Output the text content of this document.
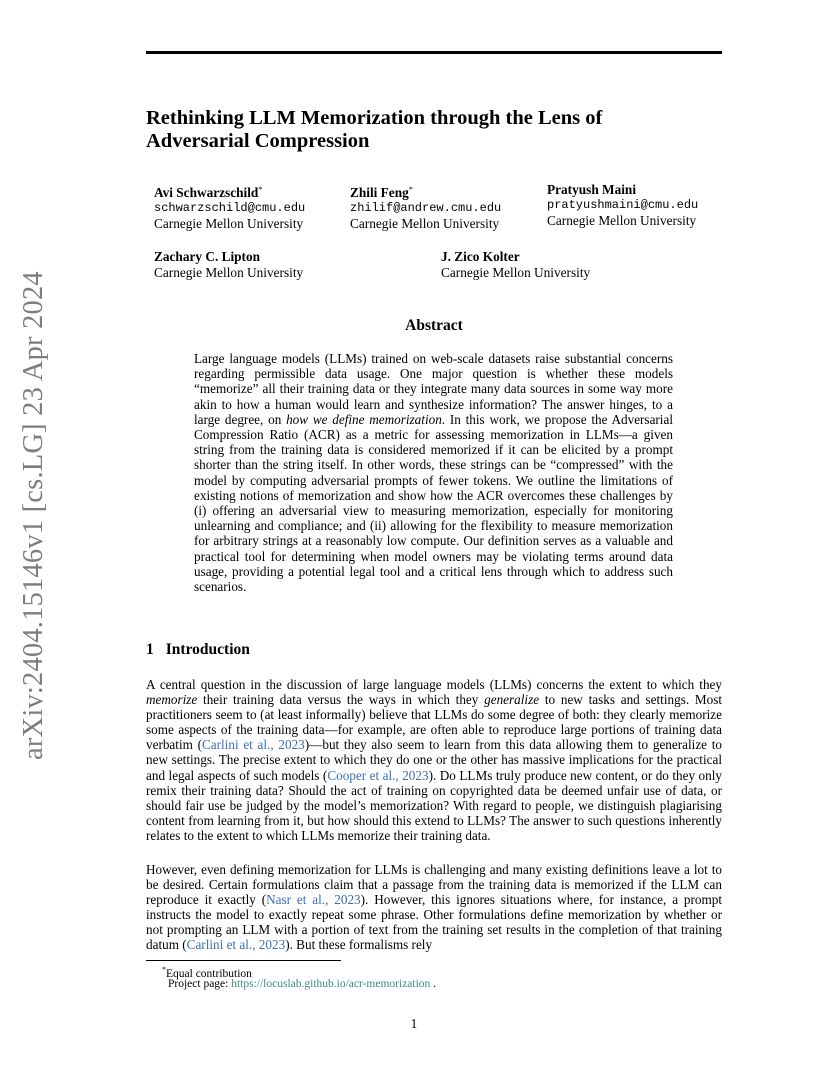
arXiv:2404.15146v1 [cs.LG] 23 Apr 2024
Rethinking LLM Memorization through the Lens of Adversarial Compression
Avi Schwarzschild*
schwarzschild@cmu.edu
Carnegie Mellon University
Zhili Feng*
zhilif@andrew.cmu.edu
Carnegie Mellon University
Pratyush Maini
pratyushmaini@cmu.edu
Carnegie Mellon University
Zachary C. Lipton
Carnegie Mellon University
J. Zico Kolter
Carnegie Mellon University
Abstract

Large language models (LLMs) trained on web-scale datasets raise substantial concerns regarding permissible data usage. One major question is whether these models “memorize” all their training data or they integrate many data sources in some way more akin to how a human would learn and synthesize information? The answer hinges, to a large degree, on how we define memorization. In this work, we propose the Adversarial Compression Ratio (ACR) as a metric for assessing memorization in LLMs—a given string from the training data is considered memorized if it can be elicited by a prompt shorter than the string itself. In other words, these strings can be “compressed” with the model by computing adversarial prompts of fewer tokens. We outline the limitations of existing notions of memorization and show how the ACR overcomes these challenges by (i) offering an adversarial view to measuring memorization, especially for monitoring unlearning and compliance; and (ii) allowing for the flexibility to measure memorization for arbitrary strings at a reasonably low compute. Our definition serves as a valuable and practical tool for determining when model owners may be violating terms around data usage, providing a potential legal tool and a critical lens through which to address such scenarios.

1 Introduction

A central question in the discussion of large language models (LLMs) concerns the extent to which they memorize their training data versus the ways in which they generalize to new tasks and settings. Most practitioners seem to (at least informally) believe that LLMs do some degree of both: they clearly memorize some aspects of the training data—for example, are often able to reproduce large portions of training data verbatim (Carlini et al., 2023)—but they also seem to learn from this data allowing them to generalize to new settings. The precise extent to which they do one or the other has massive implications for the practical and legal aspects of such models (Cooper et al., 2023). Do LLMs truly produce new content, or do they only remix their training data? Should the act of training on copyrighted data be deemed unfair use of data, or should fair use be judged by the model’s memorization? With regard to people, we distinguish plagiarising content from learning from it, but how should this extend to LLMs? The answer to such questions inherently relates to the extent to which LLMs memorize their training data.

However, even defining memorization for LLMs is challenging and many existing definitions leave a lot to be desired. Certain formulations claim that a passage from the training data is memorized if the LLM can reproduce it exactly (Nasr et al., 2023). However, this ignores situations where, for instance, a prompt instructs the model to exactly repeat some phrase. Other formulations define memorization by whether or not prompting an LLM with a portion of text from the training set results in the completion of that training datum (Carlini et al., 2023). But these formalisms rely

*Equal contribution

Project page: https://locuslab.github.io/acr-memorization .

1
